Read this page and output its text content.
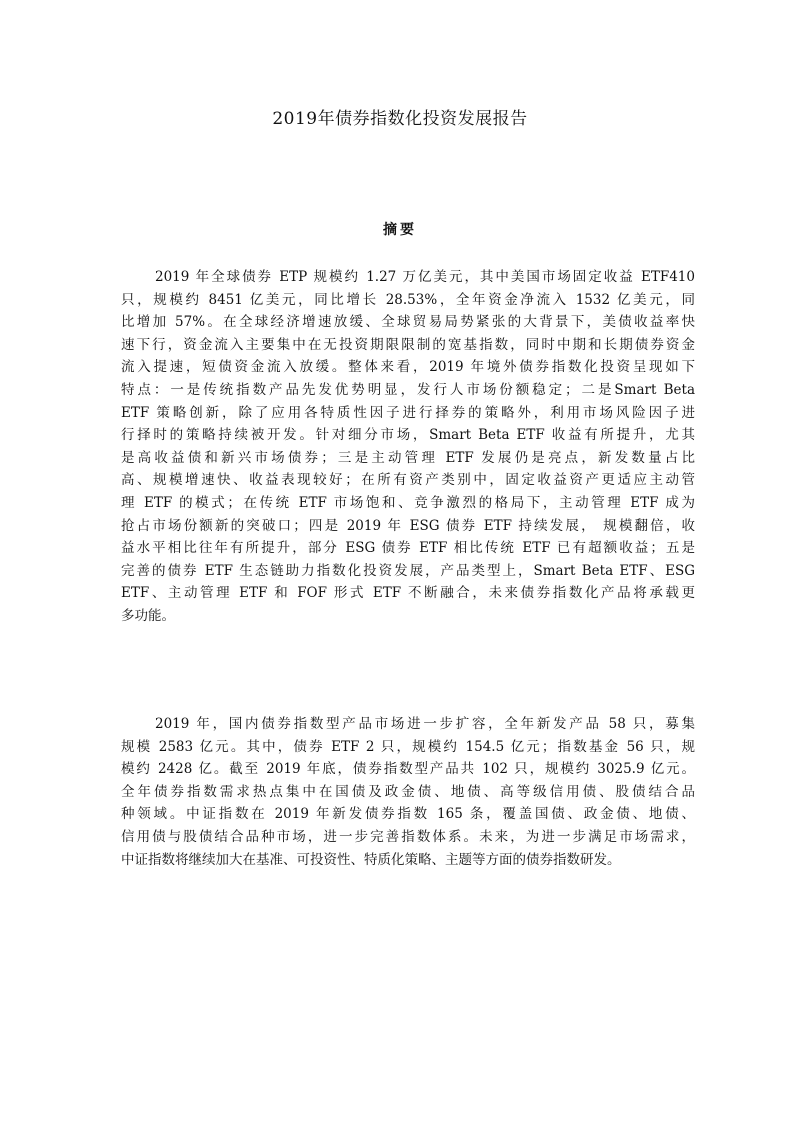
2019年债券指数化投资发展报告
摘要
2019 年全球债券 ETP 规模约 1.27 万亿美元，其中美国市场固定收益 ETF410
只，规模约 8451 亿美元，同比增长 28.53%，全年资金净流入 1532 亿美元，同
比增加 57%。在全球经济增速放缓、全球贸易局势紧张的大背景下，美债收益率快
速下行，资金流入主要集中在无投资期限限制的宽基指数，同时中期和长期债券资金
流入提速，短债资金流入放缓。整体来看，2019 年境外债券指数化投资呈现如下
特点：一是传统指数产品先发优势明显，发行人市场份额稳定；二是Smart Beta
ETF 策略创新，除了应用各特质性因子进行择券的策略外，利用市场风险因子进
行择时的策略持续被开发。针对细分市场，Smart Beta ETF 收益有所提升，尤其
是高收益债和新兴市场债券；三是主动管理 ETF 发展仍是亮点，新发数量占比
高、规模增速快、收益表现较好；在所有资产类别中，固定收益资产更适应主动管
理 ETF 的模式；在传统 ETF 市场饱和、竞争激烈的格局下，主动管理 ETF 成为
抢占市场份额新的突破口；四是 2019 年 ESG 债券 ETF 持续发展， 规模翻倍，收
益水平相比往年有所提升，部分 ESG 债券 ETF 相比传统 ETF 已有超额收益；五是
完善的债券 ETF 生态链助力指数化投资发展，产品类型上，Smart Beta ETF、ESG
ETF、主动管理 ETF 和 FOF 形式 ETF 不断融合，未来债券指数化产品将承载更
多功能。
2019 年，国内债券指数型产品市场进一步扩容，全年新发产品 58 只，募集
规模 2583 亿元。其中，债券 ETF 2 只，规模约 154.5 亿元；指数基金 56 只，规
模约 2428 亿。截至 2019 年底，债券指数型产品共 102 只，规模约 3025.9 亿元。
全年债券指数需求热点集中在国债及政金债、地债、高等级信用债、股债结合品
种领域。中证指数在 2019 年新发债券指数 165 条，覆盖国债、政金债、地债、
信用债与股债结合品种市场，进一步完善指数体系。未来，为进一步满足市场需求，
中证指数将继续加大在基准、可投资性、特质化策略、主题等方面的债券指数研发。
